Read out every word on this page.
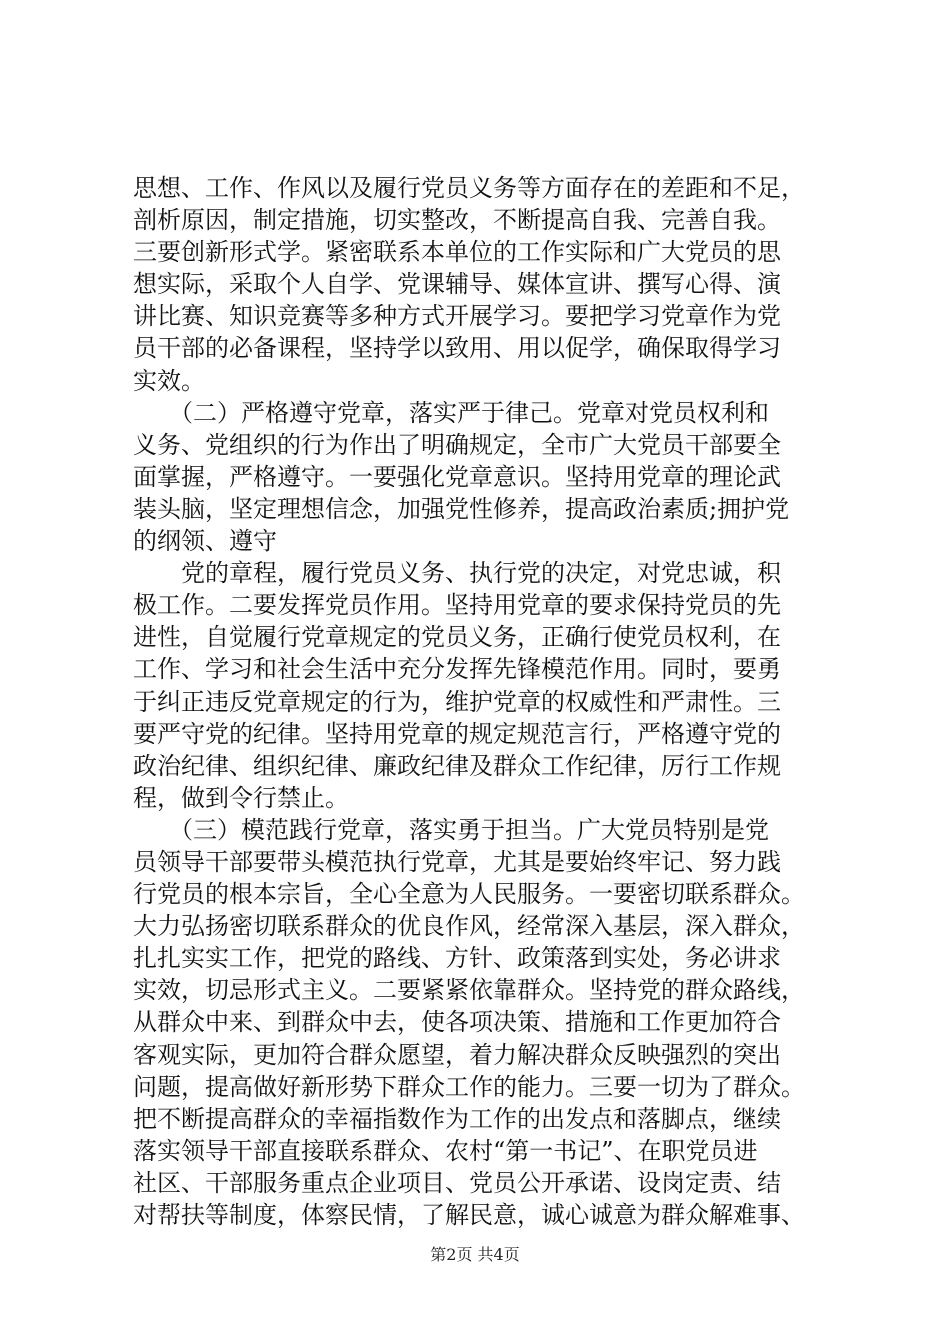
思想、工作、作风以及履行党员义务等方面存在的差距和不足，
剖析原因，制定措施，切实整改，不断提高自我、完善自我。
三要创新形式学。紧密联系本单位的工作实际和广大党员的思
想实际，采取个人自学、党课辅导、媒体宣讲、撰写心得、演
讲比赛、知识竞赛等多种方式开展学习。要把学习党章作为党
员干部的必备课程，坚持学以致用、用以促学，确保取得学习
实效。
　　（二）严格遵守党章，落实严于律己。党章对党员权利和
义务、党组织的行为作出了明确规定，全市广大党员干部要全
面掌握，严格遵守。一要强化党章意识。坚持用党章的理论武
装头脑，坚定理想信念，加强党性修养，提高政治素质;拥护党
的纲领、遵守
　　党的章程，履行党员义务、执行党的决定，对党忠诚，积
极工作。二要发挥党员作用。坚持用党章的要求保持党员的先
进性，自觉履行党章规定的党员义务，正确行使党员权利，在
工作、学习和社会生活中充分发挥先锋模范作用。同时，要勇
于纠正违反党章规定的行为，维护党章的权威性和严肃性。三
要严守党的纪律。坚持用党章的规定规范言行，严格遵守党的
政治纪律、组织纪律、廉政纪律及群众工作纪律，厉行工作规
程，做到令行禁止。
　　（三）模范践行党章，落实勇于担当。广大党员特别是党
员领导干部要带头模范执行党章，尤其是要始终牢记、努力践
行党员的根本宗旨，全心全意为人民服务。一要密切联系群众。
大力弘扬密切联系群众的优良作风，经常深入基层，深入群众，
扎扎实实工作，把党的路线、方针、政策落到实处，务必讲求
实效，切忌形式主义。二要紧紧依靠群众。坚持党的群众路线，
从群众中来、到群众中去，使各项决策、措施和工作更加符合
客观实际，更加符合群众愿望，着力解决群众反映强烈的突出
问题，提高做好新形势下群众工作的能力。三要一切为了群众。
把不断提高群众的幸福指数作为工作的出发点和落脚点，继续
落实领导干部直接联系群众、农村“第一书记”、在职党员进
社区、干部服务重点企业项目、党员公开承诺、设岗定责、结
对帮扶等制度，体察民情，了解民意，诚心诚意为群众解难事、
第2页 共4页
